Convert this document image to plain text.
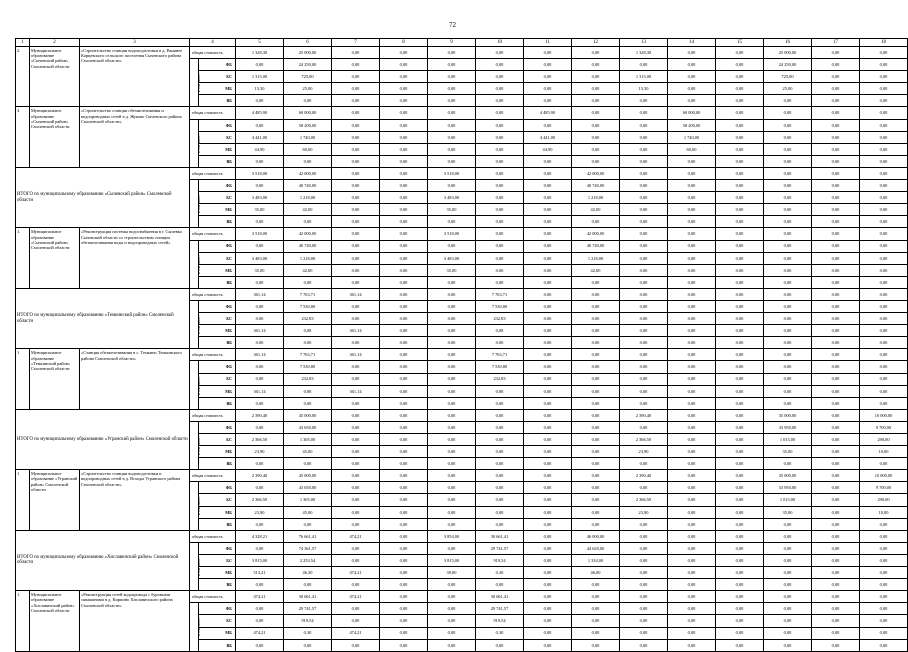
72
1	2	3	4		5	6	7	8	9	10	11	12	13	14	15	16	17	18
2.	Муниципальное образование «Сычевский район» Смоленской области	«Строительство станции водоподготовки в д. Вышнее Карцевского сельского поселения Сычевского района Смоленской области»	общая стоимость		1 328,30	25 000,00	0,00	0,00	0,00	0,00	0,00	0,00	1 328,30	0,00	0,00	25 000,00	0,00	0,00
			в том числе:	ФБ	0,00	24 250,00	0,00	0,00	0,00	0,00	0,00	0,00	0,00	0,00	0,00	24 250,00	0,00	0,00
				БС	1 315,00	725,00	0,00	0,00	0,00	0,00	0,00	0,00	1 315,00	0,00	0,00	725,00	0,00	0,00
				МБ	13,30	25,00	0,00	0,00	0,00	0,00	0,00	0,00	13,30	0,00	0,00	25,00	0,00	0,00
				ВБ	0,00	0,00	0,00	0,00	0,00	0,00	0,00	0,00	0,00	0,00	0,00	0,00	0,00	0,00
3.	Муниципальное образование «Сычевский район» Смоленской области	«Строительство станции обезжелезивания и водопроводных сетей в д. Жуково Сычевского района Смоленской области»	общая стоимость		4 485,90	60 000,00	0,00	0,00	0,00	0,00	4 485,90	0,00	0,00	60 000,00	0,00	0,00	0,00	0,00
			в том числе:	ФБ	0,00	58 200,00	0,00	0,00	0,00	0,00	0,00	0,00	0,00	58 200,00	0,00	0,00	0,00	0,00
				БС	4 441,00	1 740,00	0,00	0,00	0,00	0,00	4 441,00	0,00	0,00	1 740,00	0,00	0,00	0,00	0,00
				МБ	44,90	60,00	0,00	0,00	0,00	0,00	44,90	0,00	0,00	60,00	0,00	0,00	0,00	0,00
				ВБ	0,00	0,00	0,00	0,00	0,00	0,00	0,00	0,00	0,00	0,00	0,00	0,00	0,00	0,00
ИТОГО по муниципальному образованию «Сычевский район» Смоленской области			общая стоимость		3 518,00	42 000,00	0,00	0,00	3 518,00	0,00	0,00	42 000,00	0,00	0,00	0,00	0,00	0,00	0,00
			в том числе:	ФБ	0,00	40 740,00	0,00	0,00	0,00	0,00	0,00	40 740,00	0,00	0,00	0,00	0,00	0,00	0,00
				БС	3 483,00	1 218,00	0,00	0,00	3 483,00	0,00	0,00	1 218,00	0,00	0,00	0,00	0,00	0,00	0,00
				МБ	35,00	42,00	0,00	0,00	35,00	0,00	0,00	42,00	0,00	0,00	0,00	0,00	0,00	0,00
				ВБ	0,00	0,00	0,00	0,00	0,00	0,00	0,00	0,00	0,00	0,00	0,00	0,00	0,00	0,00
1.	Муниципальное образование «Сычевский район» Смоленской области	«Реконструкция системы водоснабжения в г. Сычевка Сычевский области со строительством станции обезжелезивания воды и водопроводных сетей»	общая стоимость		3 518,00	42 000,00	0,00	0,00	3 518,00	0,00	0,00	42 000,00	0,00	0,00	0,00	0,00	0,00	0,00
			в том числе:	ФБ	0,00	40 740,00	0,00	0,00	0,00	0,00	0,00	40 740,00	0,00	0,00	0,00	0,00	0,00	0,00
				БС	3 483,00	1 218,00	0,00	0,00	3 483,00	0,00	0,00	1 218,00	0,00	0,00	0,00	0,00	0,00	0,00
				МБ	35,00	42,00	0,00	0,00	35,00	0,00	0,00	42,00	0,00	0,00	0,00	0,00	0,00	0,00
				ВБ	0,00	0,00	0,00	0,00	0,00	0,00	0,00	0,00	0,00	0,00	0,00	0,00	0,00	0,00
ИТОГО по муниципальному образованию «Темкинский район» Смоленской области			общая стоимость		361,14	7 763,71	361,14	0,00	0,00	7 763,71	0,00	0,00	0,00	0,00	0,00	0,00	0,00	0,00
			в том числе:	ФБ	0,00	7 530,80	0,00	0,00	0,00	7 530,80	0,00	0,00	0,00	0,00	0,00	0,00	0,00	0,00
				БС	0,00	232,83	0,00	0,00	0,00	232,83	0,00	0,00	0,00	0,00	0,00	0,00	0,00	0,00
				МБ	361,14	0,08	361,14	0,00	0,00	0,08	0,00	0,00	0,00	0,00	0,00	0,00	0,00	0,00
				ВБ	0,00	0,00	0,00	0,00	0,00	0,00	0,00	0,00	0,00	0,00	0,00	0,00	0,00	0,00
1	Муниципальное образование «Темкинский район» Смоленской области	«Станция обезжелезивания в с. Темкино Темкинского района Смоленской области»	общая стоимость		361,14	7 763,71	361,14	0,00	0,00	7 763,71	0,00	0,00	0,00	0,00	0,00	0,00	0,00	0,00
			в том числе:	ФБ	0,00	7 530,80	0,00	0,00	0,00	7 530,80	0,00	0,00	0,00	0,00	0,00	0,00	0,00	0,00
				БС	0,00	232,83	0,00	0,00	0,00	232,83	0,00	0,00	0,00	0,00	0,00	0,00	0,00	0,00
				МБ	361,14	0,08	361,14	0,00	0,00	0,08	0,00	0,00	0,00	0,00	0,00	0,00	0,00	0,00
				ВБ	0,00	0,00	0,00	0,00	0,00	0,00	0,00	0,00	0,00	0,00	0,00	0,00	0,00	0,00
ИТОГО по муниципальному образованию «Угранский район» Смоленской области			общая стоимость		2 390,40	45 000,00	0,00	0,00	0,00	0,00	0,00	0,00	2 390,40	0,00	0,00	35 000,00	0,00	10 000,00
			в том числе:	ФБ	0,00	43 650,00	0,00	0,00	0,00	0,00	0,00	0,00	0,00	0,00	0,00	33 950,00	0,00	9 700,00
				БС	2 366,50	1 305,00	0,00	0,00	0,00	0,00	0,00	0,00	2 366,50	0,00	0,00	1 015,00	0,00	290,00
				МБ	23,90	45,00	0,00	0,00	0,00	0,00	0,00	0,00	23,90	0,00	0,00	35,00	0,00	10,00
				ВБ	0,00	0,00	0,00	0,00	0,00	0,00	0,00	0,00	0,00	0,00	0,00	0,00	0,00	0,00
1	Муниципальное образование «Угранский район» Смоленской области	«Строительство станции водоподготовки и водопроводных сетей в д. Всходы Угранского района Смоленской области»	общая стоимость		2 390,40	45 000,00	0,00	0,00	0,00	0,00	0,00	0,00	2 390,40	0,00	0,00	35 000,00	0,00	10 000,00
			в том числе:	ФБ	0,00	43 650,00	0,00	0,00	0,00	0,00	0,00	0,00	0,00	0,00	0,00	33 950,00	0,00	9 700,00
				БС	2 366,50	1 305,00	0,00	0,00	0,00	0,00	0,00	0,00	2 366,50	0,00	0,00	1 015,00	0,00	290,00
				МБ	23,90	45,00	0,00	0,00	0,00	0,00	0,00	0,00	23,90	0,00	0,00	35,00	0,00	10,00
				ВБ	0,00	0,00	0,00	0,00	0,00	0,00	0,00	0,00	0,00	0,00	0,00	0,00	0,00	0,00
ИТОГО по муниципальному образованию «Хиславичский район» Смоленской области			общая стоимость		4 328,21	76 661,41	474,21	0,00	3 854,00	30 661,41	0,00	46 000,00	0,00	0,00	0,00	0,00	0,00	0,00
			в том числе:	ФБ	0,00	74 361,57	0,00	0,00	0,00	29 741,57	0,00	44 620,00	0,00	0,00	0,00	0,00	0,00	0,00
				БС	3 815,00	2 253,54	0,00	0,00	3 815,00	919,54	0,00	1 334,00	0,00	0,00	0,00	0,00	0,00	0,00
				МБ	513,21	46,30	474,21	0,00	39,00	0,30	0,00	46,00	0,00	0,00	0,00	0,00	0,00	0,00
				ВБ	0,00	0,00	0,00	0,00	0,00	0,00	0,00	0,00	0,00	0,00	0,00	0,00	0,00	0,00
1.	Муниципальное образование «Хиславичский район» Смоленской области	«Реконструкция сетей водопровода с буровыми скважинами в д. Кирпино Хиславичского района Смоленской области»	общая стоимость		474,21	30 661,41	474,21	0,00	0,00	30 661,41	0,00	0,00	0,00	0,00	0,00	0,00	0,00	0,00
			в том числе:	ФБ	0,00	29 741,57	0,00	0,00	0,00	29 741,57	0,00	0,00	0,00	0,00	0,00	0,00	0,00	0,00
				БС	0,00	919,54	0,00	0,00	0,00	919,54	0,00	0,00	0,00	0,00	0,00	0,00	0,00	0,00
				МБ	474,21	0,30	474,21	0,00	0,00	0,30	0,00	0,00	0,00	0,00	0,00	0,00	0,00	0,00
				ВБ	0,00	0,00	0,00	0,00	0,00	0,00	0,00	0,00	0,00	0,00	0,00	0,00	0,00	0,00
